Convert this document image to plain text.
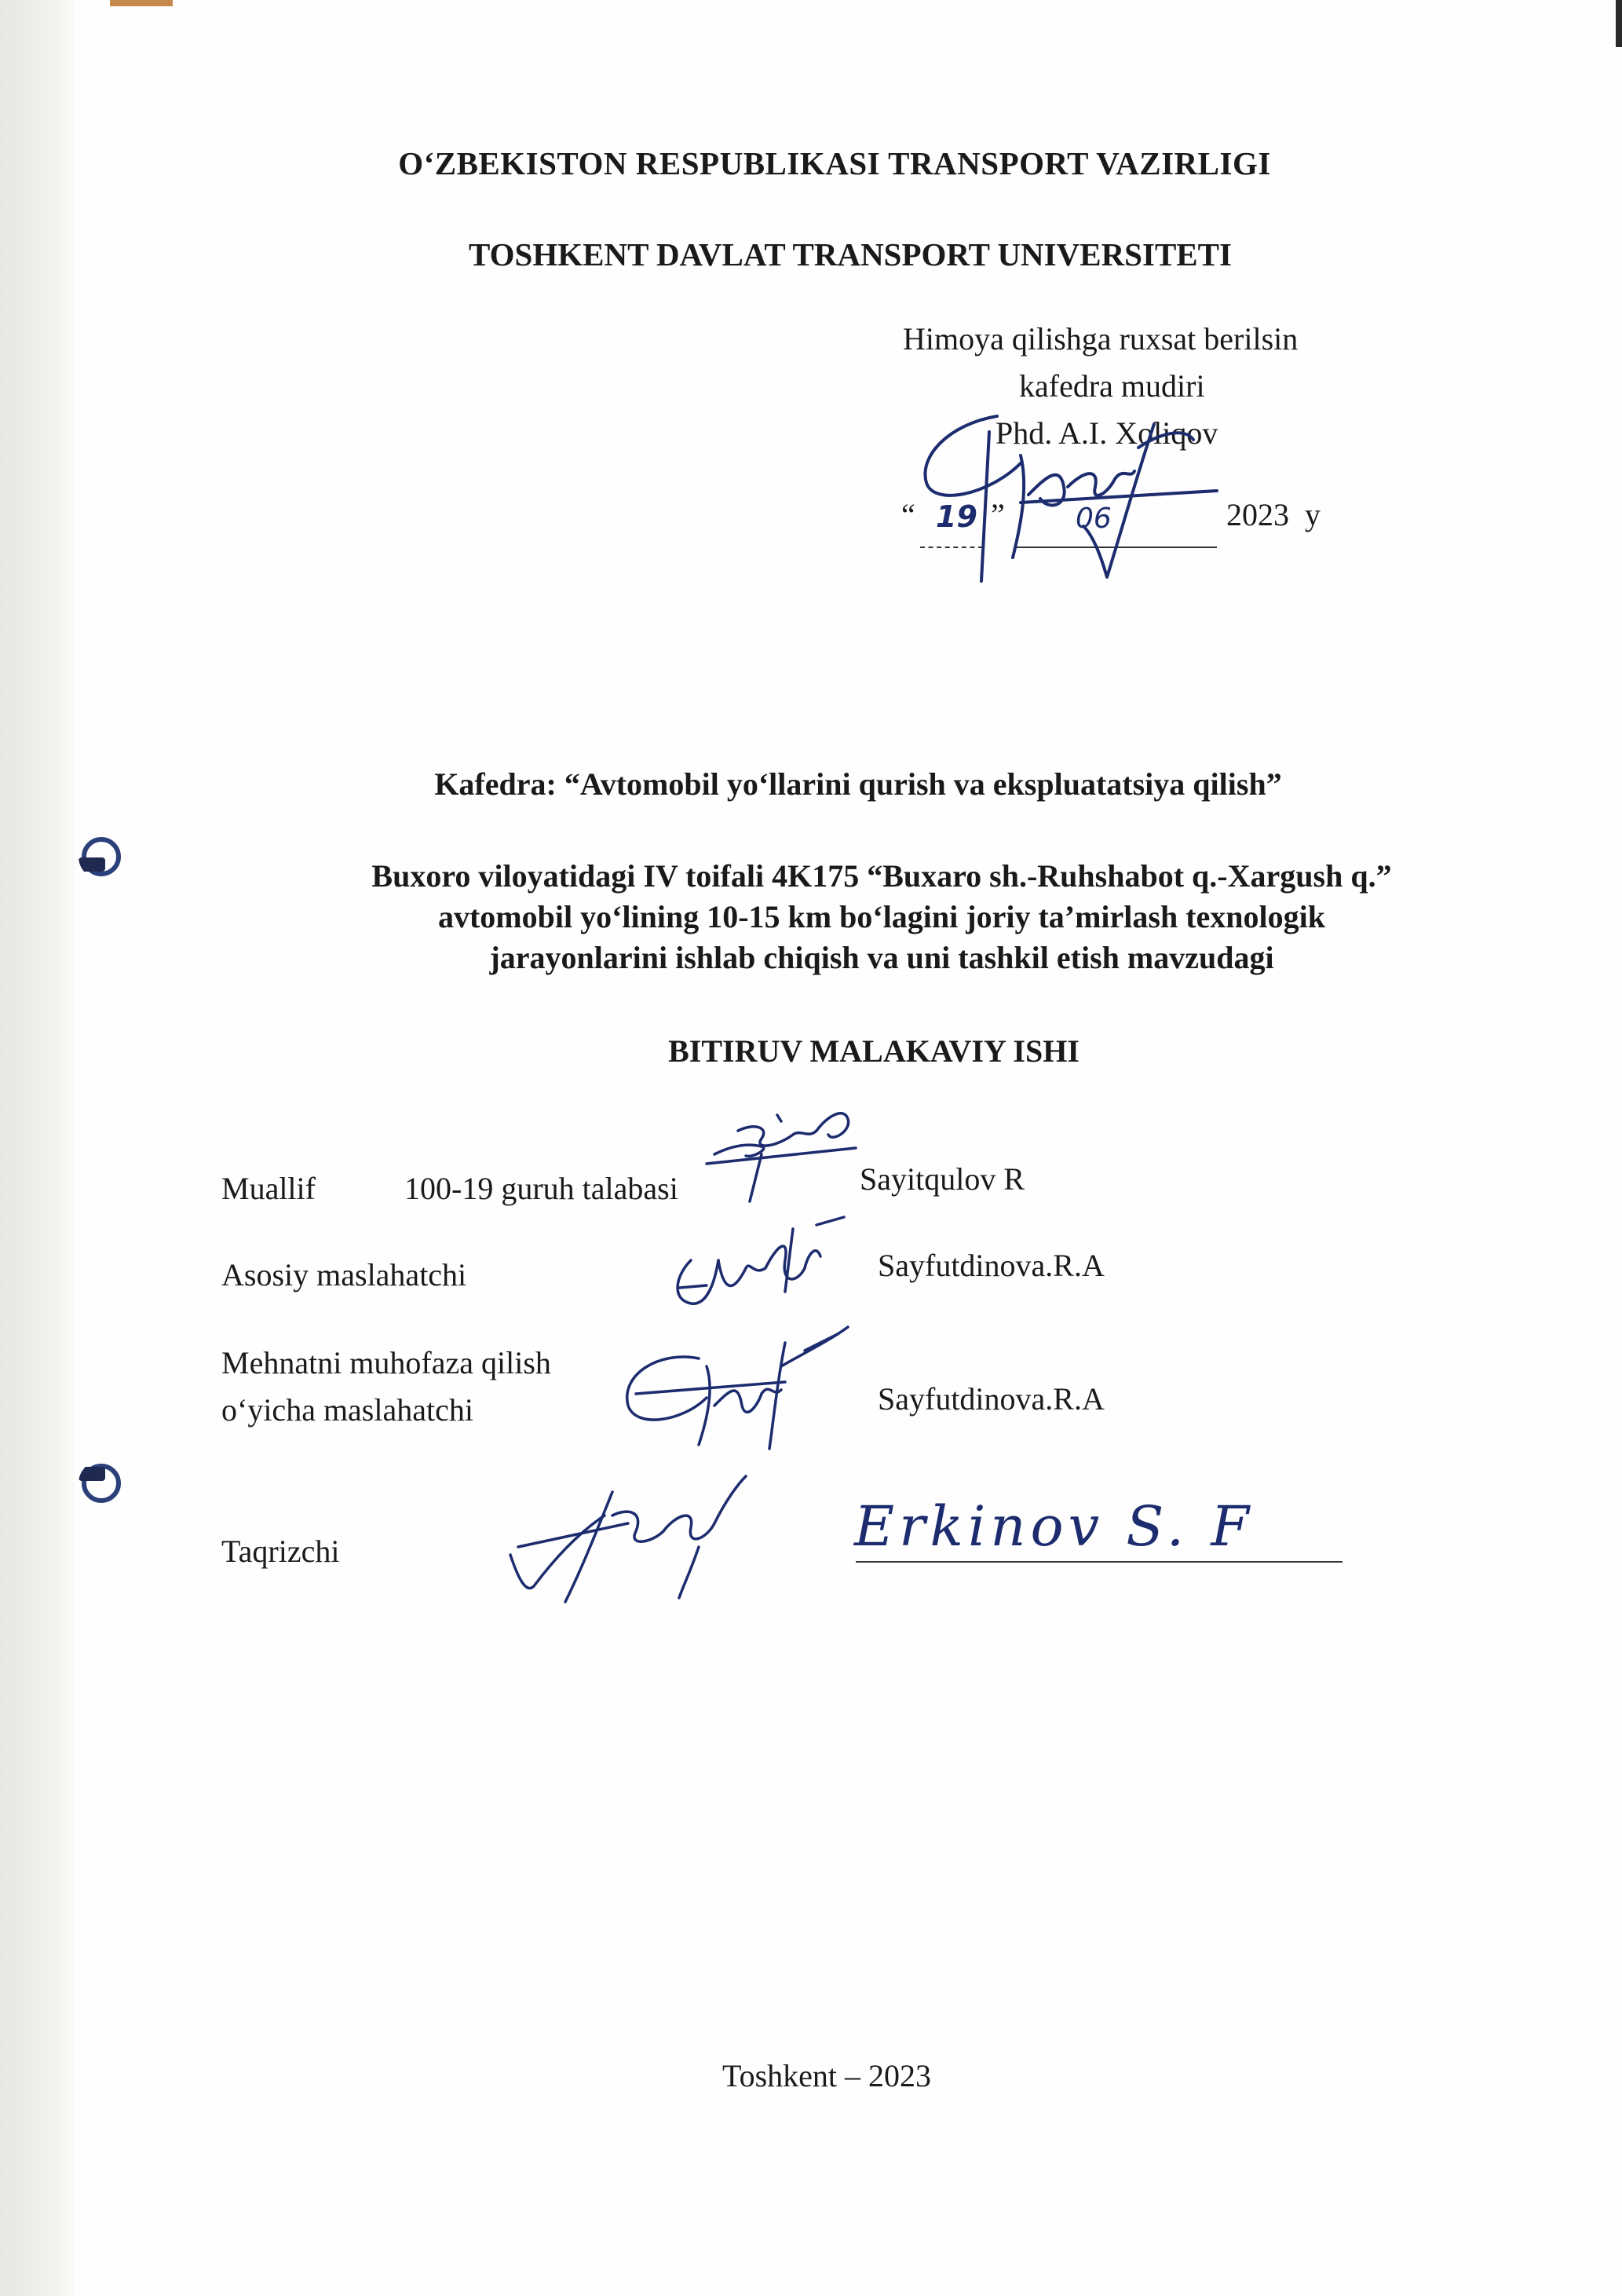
O‘ZBEKISTON RESPUBLIKASI TRANSPORT VAZIRLIGI
TOSHKENT DAVLAT TRANSPORT UNIVERSITETI
Himoya qilishga ruxsat berilsin
kafedra mudiri
Phd. A.I. Xoliqov
“ 19 ”	06	2023  y
Kafedra: “Avtomobil yo‘llarini qurish va ekspluatatsiya qilish”
Buxoro viloyatidagi IV toifali 4K175 “Buxaro sh.-Ruhshabot q.-Xargush q.”
avtomobil yo‘lining 10-15 km bo‘lagini joriy ta’mirlash texnologik
jarayonlarini ishlab chiqish va uni tashkil etish mavzudagi
BITIRUV MALAKAVIY ISHI
Muallif	100-19 guruh talabasi	Sayitqulov R
Asosiy maslahatchi	Sayfutdinova.R.A
Mehnatni muhofaza qilish
o‘yicha maslahatchi	Sayfutdinova.R.A
Taqrizchi	Erkinov S. F
Toshkent – 2023
